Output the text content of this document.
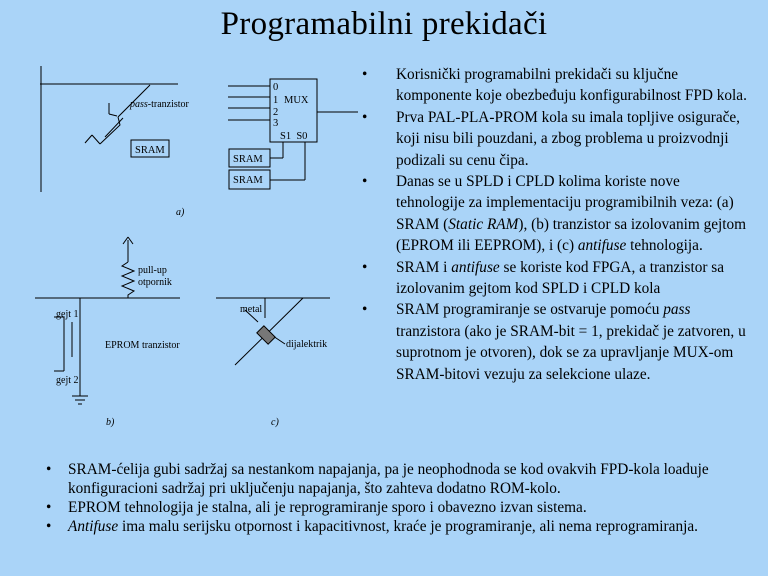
Programabilni prekidači
pass-tranzistor
SRAM
0
1 MUX
2
3
S1  S0
SRAM
SRAM
a)
pull-up
otpornik
gejt 1
EPROM tranzistor
gejt 2
b)
metal
dijalektrik
c)
• Korisnički programabilni prekidači su ključne komponente koje obezbeđuju konfigurabilnost FPD kola.
• Prva PAL-PLA-PROM kola su imala topljive osigurače, koji nisu bili pouzdani, a zbog problema u proizvodnji podizali su cenu čipa.
• Danas se u SPLD i CPLD kolima koriste nove tehnologije za implementaciju programibilnih veza: (a) SRAM (Static RAM), (b) tranzistor sa izolovanim gejtom (EPROM ili EEPROM), i (c) antifuse tehnologija.
• SRAM i antifuse se koriste kod FPGA, a tranzistor sa izolovanim gejtom kod SPLD i CPLD kola
• SRAM programiranje se ostvaruje pomoću pass tranzistora (ako je SRAM-bit = 1, prekidač je zatvoren, u suprotnom je otvoren), dok se za upravljanje MUX-om SRAM-bitovi vezuju za selekcione ulaze.
• SRAM-ćelija gubi sadržaj sa nestankom napajanja, pa je neophodnoda se kod ovakvih FPD-kola loaduje konfiguracioni sadržaj pri uključenju napajanja, što zahteva dodatno ROM-kolo.
• EPROM tehnologija je stalna, ali je reprogramiranje sporo i obavezno izvan sistema.
• Antifuse ima malu serijsku otpornost i kapacitivnost, kraće je programiranje, ali nema reprogramiranja.
